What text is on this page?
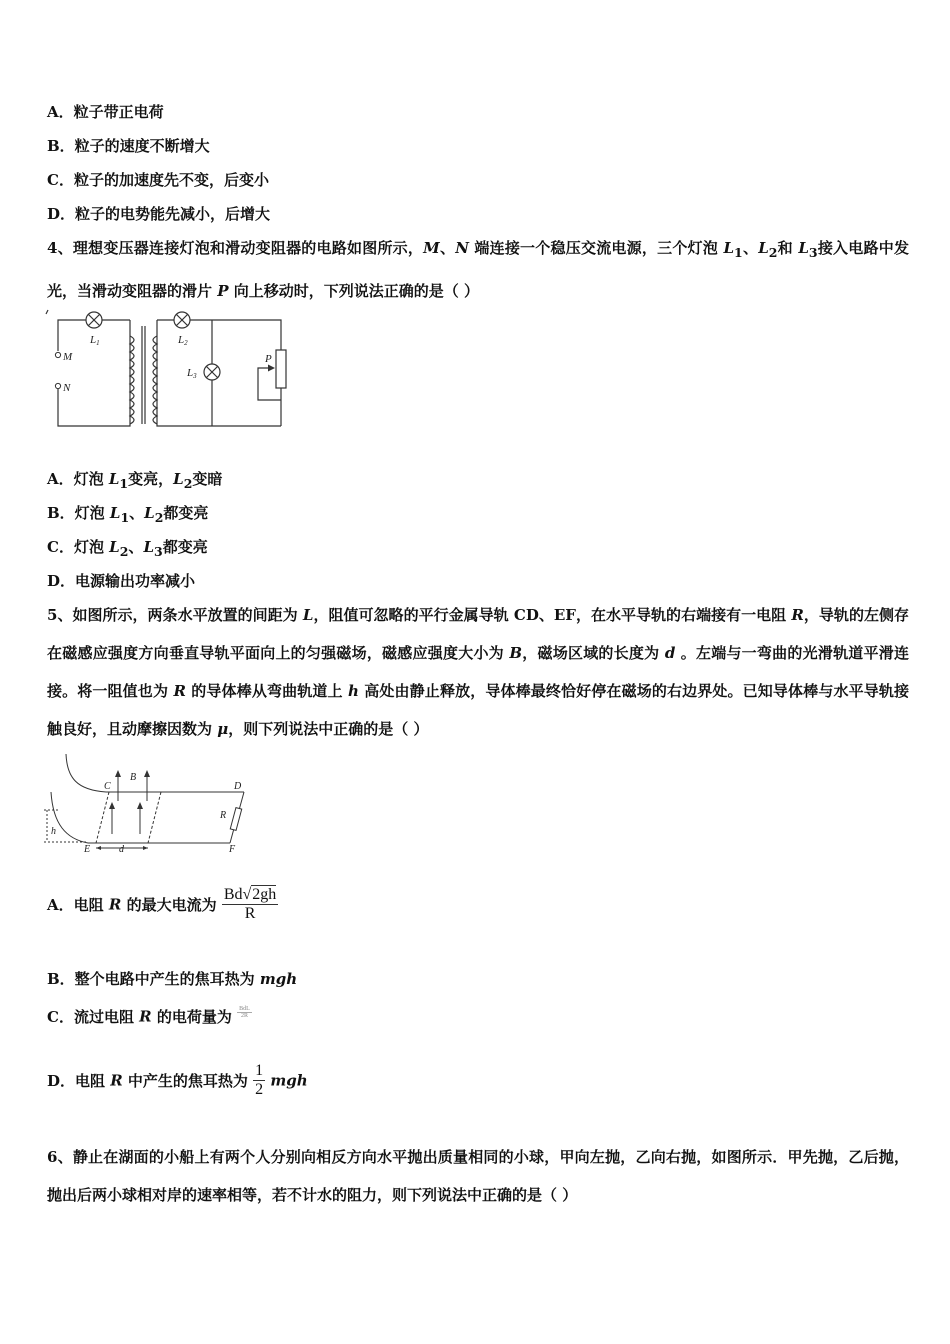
A．粒子带正电荷
B．粒子的速度不断增大
C．粒子的加速度先不变，后变小
D．粒子的电势能先减小，后增大
4、理想变压器连接灯泡和滑动变阻器的电路如图所示，M、N 端连接一个稳压交流电源，三个灯泡 $L_1$、$L_2$和 $L_3$接入电路中发光，当滑动变阻器的滑片 P 向上移动时，下列说法正确的是（ ）
L1	L2
L3
M
N
P
A．灯泡 $L_1$变亮，$L_2$变暗
B．灯泡 $L_1$、$L_2$都变亮
C．灯泡 $L_2$、$L_3$都变亮
D．电源输出功率减小
5、如图所示，两条水平放置的间距为 L，阻值可忽略的平行金属导轨 CD、EF，在水平导轨的右端接有一电阻 R，导轨的左侧存在磁感应强度方向垂直导轨平面向上的匀强磁场，磁感应强度大小为 B，磁场区域的长度为 d 。左端与一弯曲的光滑轨道平滑连接。将一阻值也为 R 的导体棒从弯曲轨道上 h 高处由静止释放，导体棒最终恰好停在磁场的右边界处。已知导体棒与水平导轨接触良好，且动摩擦因数为 μ，则下列说法中正确的是（ ）
B
C	D
R
E	F
d
h
A．电阻 R 的最大电流为 $\frac{Bd√2gh}{R}$
B．整个电路中产生的焦耳热为 mgh
C．流过电阻 R 的电荷量为 $\frac{\text{BdL}}{2R}$
D．电阻 R 中产生的焦耳热为 $\frac{1}{2}$ mgh
6、静止在湖面的小船上有两个人分别向相反方向水平抛出质量相同的小球，甲向左抛，乙向右抛，如图所示．甲先抛，乙后抛，抛出后两小球相对岸的速率相等，若不计水的阻力，则下列说法中正确的是（ ）
